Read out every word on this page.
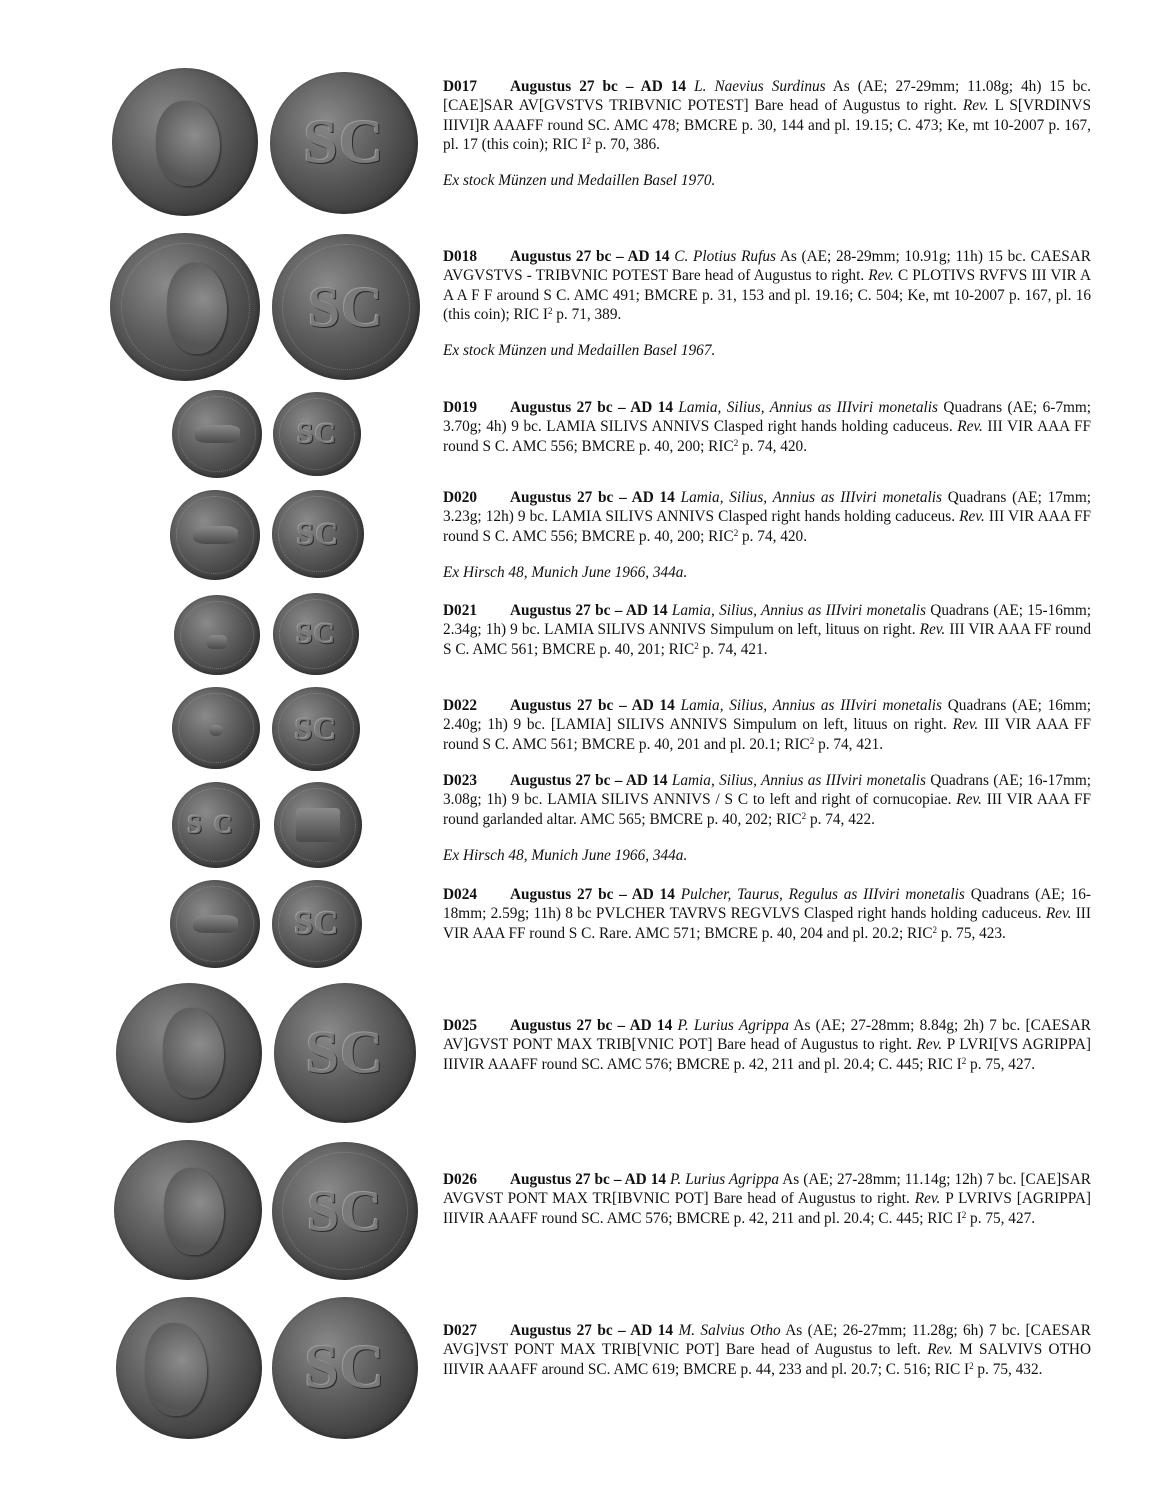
SC
SC
SC
SC
SC
SC
SC
SC
SC
SC
SC
D017 Augustus 27 bc – AD 14 L. Naevius Surdinus As (AE; 27-29mm; 11.08g; 4h) 15 bc. [CAE]SAR AV[GVSTVS TRIBVNIC POTEST] Bare head of Augustus to right. Rev. L S[VRDINVS IIIVI]R AAAFF round SC. AMC 478; BMCRE p. 30, 144 and pl. 19.15; C. 473; Ke, mt 10-2007 p. 167, pl. 17 (this coin); RIC $I^2$ p. 70, 386.
Ex stock Münzen und Medaillen Basel 1970.
D018 Augustus 27 bc – AD 14 C. Plotius Rufus As (AE; 28-29mm; 10.91g; 11h) 15 bc. CAESAR AVGVSTVS - TRIBVNIC POTEST Bare head of Augustus to right. Rev. C PLOTIVS RVFVS III VIR A A A F F around S C. AMC 491; BMCRE p. 31, 153 and pl. 19.16; C. 504; Ke, mt 10-2007 p. 167, pl. 16 (this coin); RIC $I^2$ p. 71, 389.
Ex stock Münzen und Medaillen Basel 1967.
D019 Augustus 27 bc – AD 14 Lamia, Silius, Annius as IIIviri monetalis Quadrans (AE; 6-7mm; 3.70g; 4h) 9 bc. LAMIA SILIVS ANNIVS Clasped right hands holding caduceus. Rev. III VIR AAA FF round S C. AMC 556; BMCRE p. 40, 200; RIC$^2$ p. 74, 420.
D020 Augustus 27 bc – AD 14 Lamia, Silius, Annius as IIIviri monetalis Quadrans (AE; 17mm; 3.23g; 12h) 9 bc. LAMIA SILIVS ANNIVS Clasped right hands holding caduceus. Rev. III VIR AAA FF round S C. AMC 556; BMCRE p. 40, 200; RIC$^2$ p. 74, 420.
Ex Hirsch 48, Munich June 1966, 344a.
D021 Augustus 27 bc – AD 14 Lamia, Silius, Annius as IIIviri monetalis Quadrans (AE; 15-16mm; 2.34g; 1h) 9 bc. LAMIA SILIVS ANNIVS Simpulum on left, lituus on right. Rev. III VIR AAA FF round S C. AMC 561; BMCRE p. 40, 201; RIC$^2$ p. 74, 421.
D022 Augustus 27 bc – AD 14 Lamia, Silius, Annius as IIIviri monetalis Quadrans (AE; 16mm; 2.40g; 1h) 9 bc. [LAMIA] SILIVS ANNIVS Simpulum on left, lituus on right. Rev. III VIR AAA FF round S C. AMC 561; BMCRE p. 40, 201 and pl. 20.1; RIC$^2$ p. 74, 421.
D023 Augustus 27 bc – AD 14 Lamia, Silius, Annius as IIIviri monetalis Quadrans (AE; 16-17mm; 3.08g; 1h) 9 bc. LAMIA SILIVS ANNIVS / S C to left and right of cornucopiae. Rev. III VIR AAA FF round garlanded altar. AMC 565; BMCRE p. 40, 202; RIC$^2$ p. 74, 422.
Ex Hirsch 48, Munich June 1966, 344a.
D024 Augustus 27 bc – AD 14 Pulcher, Taurus, Regulus as IIIviri monetalis Quadrans (AE; 16-18mm; 2.59g; 11h) 8 bc PVLCHER TAVRVS REGVLVS Clasped right hands holding caduceus. Rev. III VIR AAA FF round S C. Rare. AMC 571; BMCRE p. 40, 204 and pl. 20.2; RIC$^2$ p. 75, 423.
D025 Augustus 27 bc – AD 14 P. Lurius Agrippa As (AE; 27-28mm; 8.84g; 2h) 7 bc. [CAESAR AV]GVST PONT MAX TRIB[VNIC POT] Bare head of Augustus to right. Rev. P LVRI[VS AGRIPPA] IIIVIR AAAFF round SC. AMC 576; BMCRE p. 42, 211 and pl. 20.4; C. 445; RIC $I^2$ p. 75, 427.
D026 Augustus 27 bc – AD 14 P. Lurius Agrippa As (AE; 27-28mm; 11.14g; 12h) 7 bc. [CAE]SAR AVGVST PONT MAX TR[IBVNIC POT] Bare head of Augustus to right. Rev. P LVRIVS [AGRIPPA] IIIVIR AAAFF round SC. AMC 576; BMCRE p. 42, 211 and pl. 20.4; C. 445; RIC $I^2$ p. 75, 427.
D027 Augustus 27 bc – AD 14 M. Salvius Otho As (AE; 26-27mm; 11.28g; 6h) 7 bc. [CAESAR AVG]VST PONT MAX TRIB[VNIC POT] Bare head of Augustus to left. Rev. M SALVIVS OTHO IIIVIR AAAFF around SC. AMC 619; BMCRE p. 44, 233 and pl. 20.7; C. 516; RIC $I^2$ p. 75, 432.
